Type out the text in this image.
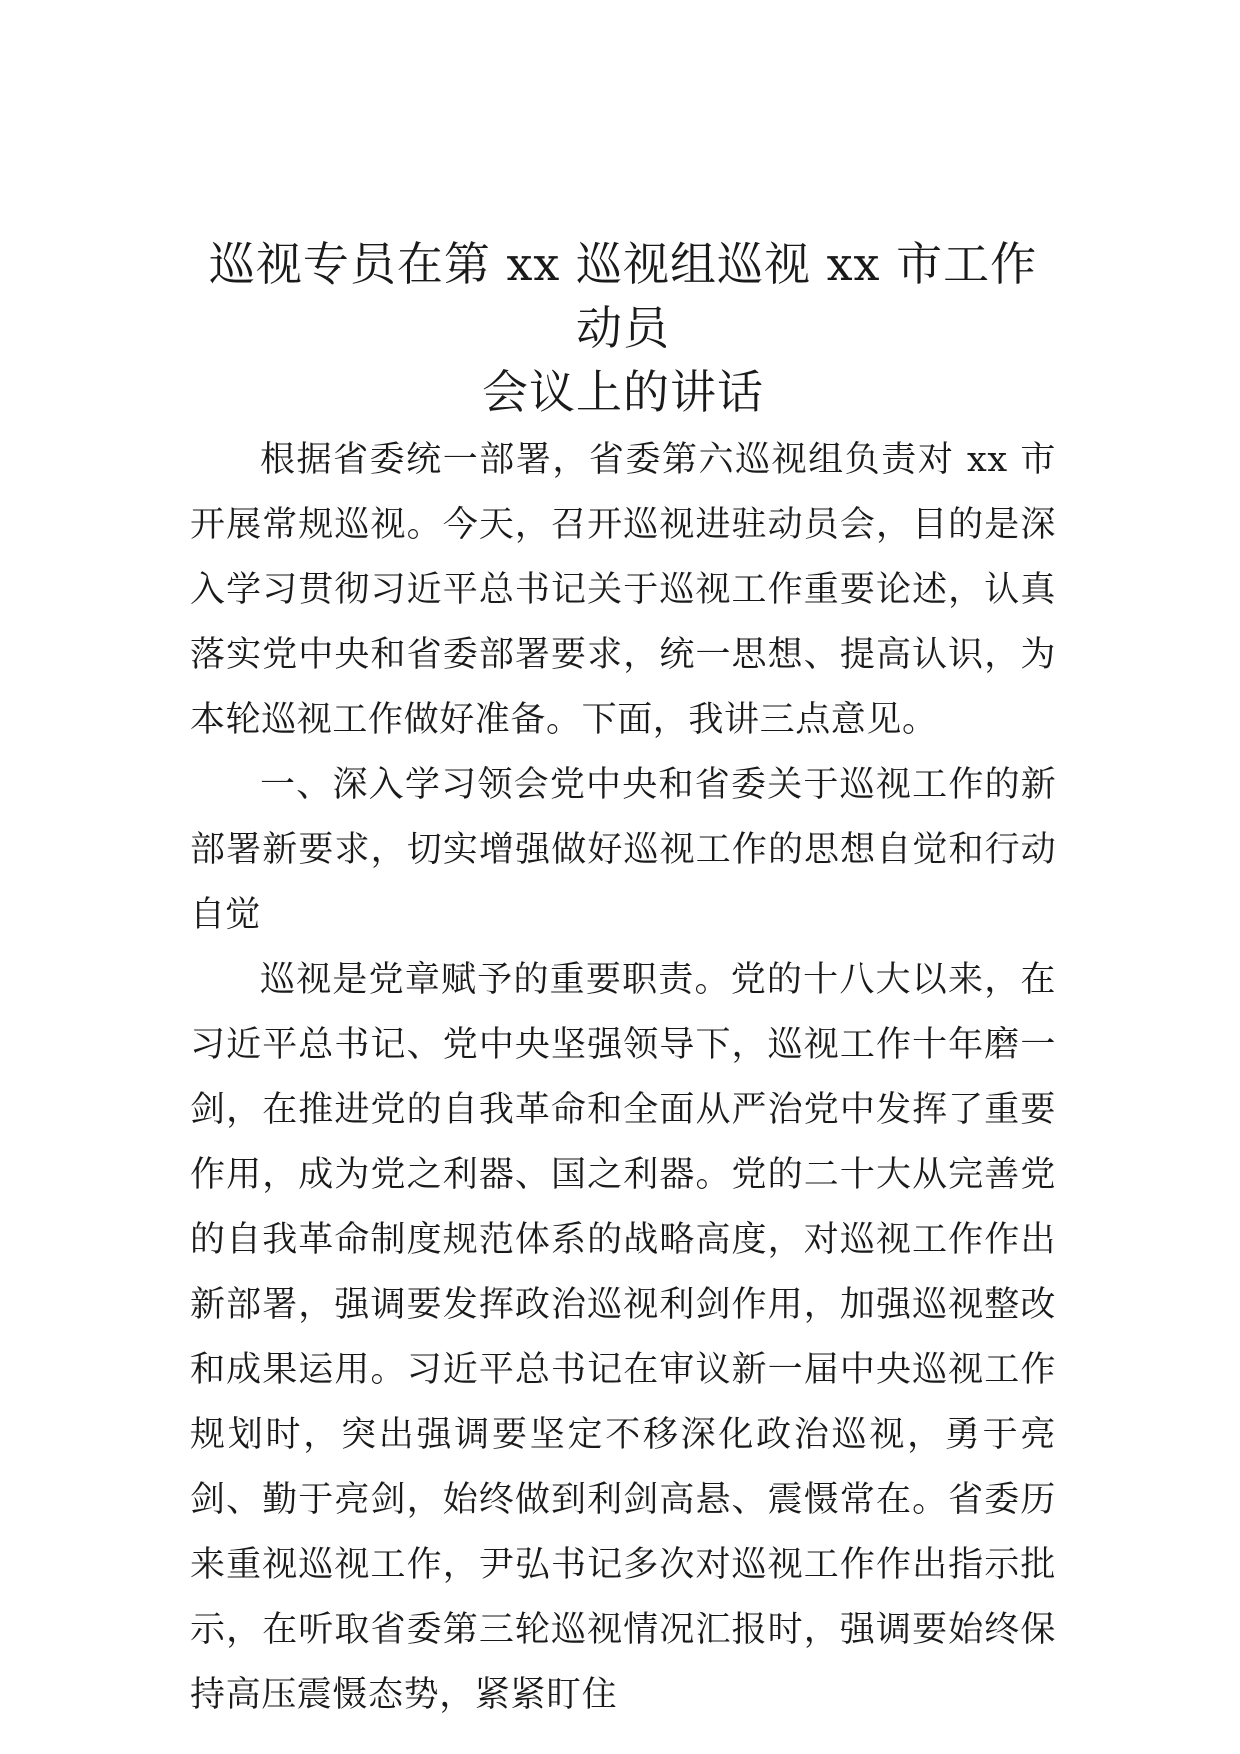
巡视专员在第 xx 巡视组巡视 xx 市工作动员
会议上的讲话

根据省委统一部署，省委第六巡视组负责对 xx 市开展常规巡视。今天，召开巡视进驻动员会，目的是深入学习贯彻习近平总书记关于巡视工作重要论述，认真落实党中央和省委部署要求，统一思想、提高认识，为本轮巡视工作做好准备。下面，我讲三点意见。

一、深入学习领会党中央和省委关于巡视工作的新部署新要求，切实增强做好巡视工作的思想自觉和行动自觉

巡视是党章赋予的重要职责。党的十八大以来，在习近平总书记、党中央坚强领导下，巡视工作十年磨一剑，在推进党的自我革命和全面从严治党中发挥了重要作用，成为党之利器、国之利器。党的二十大从完善党的自我革命制度规范体系的战略高度，对巡视工作作出新部署，强调要发挥政治巡视利剑作用，加强巡视整改和成果运用。习近平总书记在审议新一届中央巡视工作规划时，突出强调要坚定不移深化政治巡视，勇于亮剑、勤于亮剑，始终做到利剑高悬、震慑常在。省委历来重视巡视工作，尹弘书记多次对巡视工作作出指示批示，在听取省委第三轮巡视情况汇报时，强调要始终保持高压震慑态势，紧紧盯住
